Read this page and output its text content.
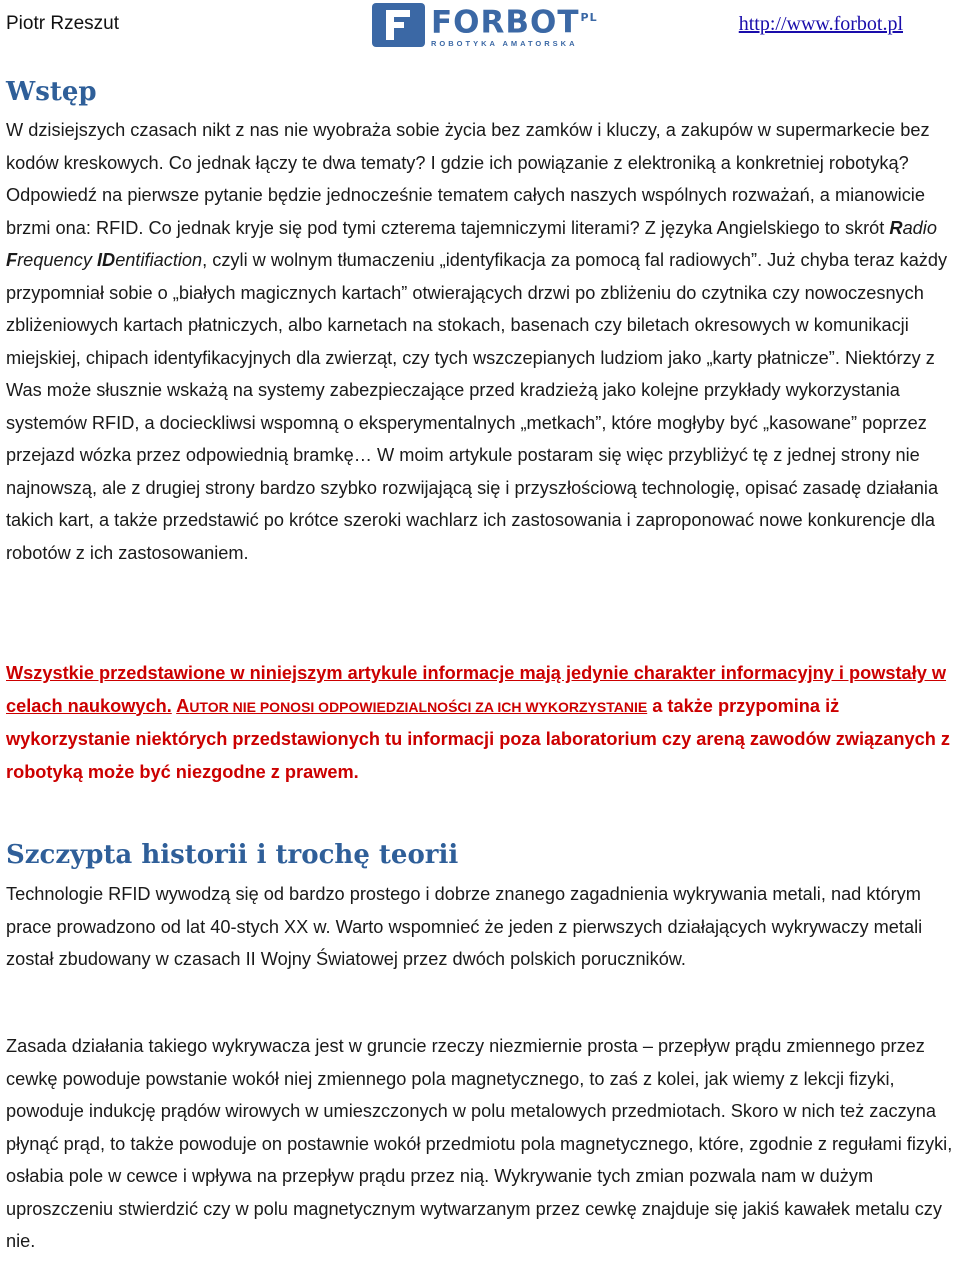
Piotr Rzeszut	$FORBOT_{PL}$
ROBOTYKA AMATORSKA
http://www.forbot.pl
Wstęp

W dzisiejszych czasach nikt z nas nie wyobraża sobie życia bez zamków i kluczy, a zakupów w supermarkecie bez kodów kreskowych. Co jednak łączy te dwa tematy? I gdzie ich powiązanie z elektroniką a konkretniej robotyką? Odpowiedź na pierwsze pytanie będzie jednocześnie tematem całych naszych wspólnych rozważań, a mianowicie brzmi ona: RFID. Co jednak kryje się pod tymi czterema tajemniczymi literami? Z języka Angielskiego to skrót Radio Frequency IDentifiaction, czyli w wolnym tłumaczeniu „identyfikacja za pomocą fal radiowych”. Już chyba teraz każdy przypomniał sobie o „białych magicznych kartach” otwierających drzwi po zbliżeniu do czytnika czy nowoczesnych zbliżeniowych kartach płatniczych, albo karnetach na stokach, basenach czy biletach okresowych w komunikacji miejskiej, chipach identyfikacyjnych dla zwierząt, czy tych wszczepianych ludziom jako „karty płatnicze”. Niektórzy z Was może słusznie wskażą na systemy zabezpieczające przed kradzieżą jako kolejne przykłady wykorzystania systemów RFID, a docieckliwsi wspomną o eksperymentalnych „metkach”, które mogłyby być „kasowane” poprzez przejazd wózka przez odpowiednią bramkę… W moim artykule postaram się więc przybliżyć tę z jednej strony nie najnowszą, ale z drugiej strony bardzo szybko rozwijającą się i przyszłościową technologię, opisać zasadę działania takich kart, a także przedstawić po krótce szeroki wachlarz ich zastosowania i zaproponować nowe konkurencje dla robotów z ich zastosowaniem.

Wszystkie przedstawione w niniejszym artykule informacje mają jedynie charakter informacyjny i powstały w celach naukowych. AUTOR NIE PONOSI ODPOWIEDZIALNOŚCI ZA ICH WYKORZYSTANIE a także przypomina iż wykorzystanie niektórych przedstawionych tu informacji poza laboratorium czy areną zawodów związanych z robotyką może być niezgodne z prawem.

Szczypta historii i trochę teorii

Technologie RFID wywodzą się od bardzo prostego i dobrze znanego zagadnienia wykrywania metali, nad którym prace prowadzono od lat 40-stych XX w. Warto wspomnieć że jeden z pierwszych działających wykrywaczy metali został zbudowany w czasach II Wojny Światowej przez dwóch polskich poruczników.

Zasada działania takiego wykrywacza jest w gruncie rzeczy niezmiernie prosta – przepływ prądu zmiennego przez cewkę powoduje powstanie wokół niej zmiennego pola magnetycznego, to zaś z kolei, jak wiemy z lekcji fizyki, powoduje indukcję prądów wirowych w umieszczonych w polu metalowych przedmiotach. Skoro w nich też zaczyna płynąć prąd, to także powoduje on postawnie wokół przedmiotu pola magnetycznego, które, zgodnie z regułami fizyki, osłabia pole w cewce i wpływa na przepływ prądu przez nią. Wykrywanie tych zmian pozwala nam w dużym uproszczeniu stwierdzić czy w polu magnetycznym wytwarzanym przez cewkę znajduje się jakiś kawałek metalu czy nie.
